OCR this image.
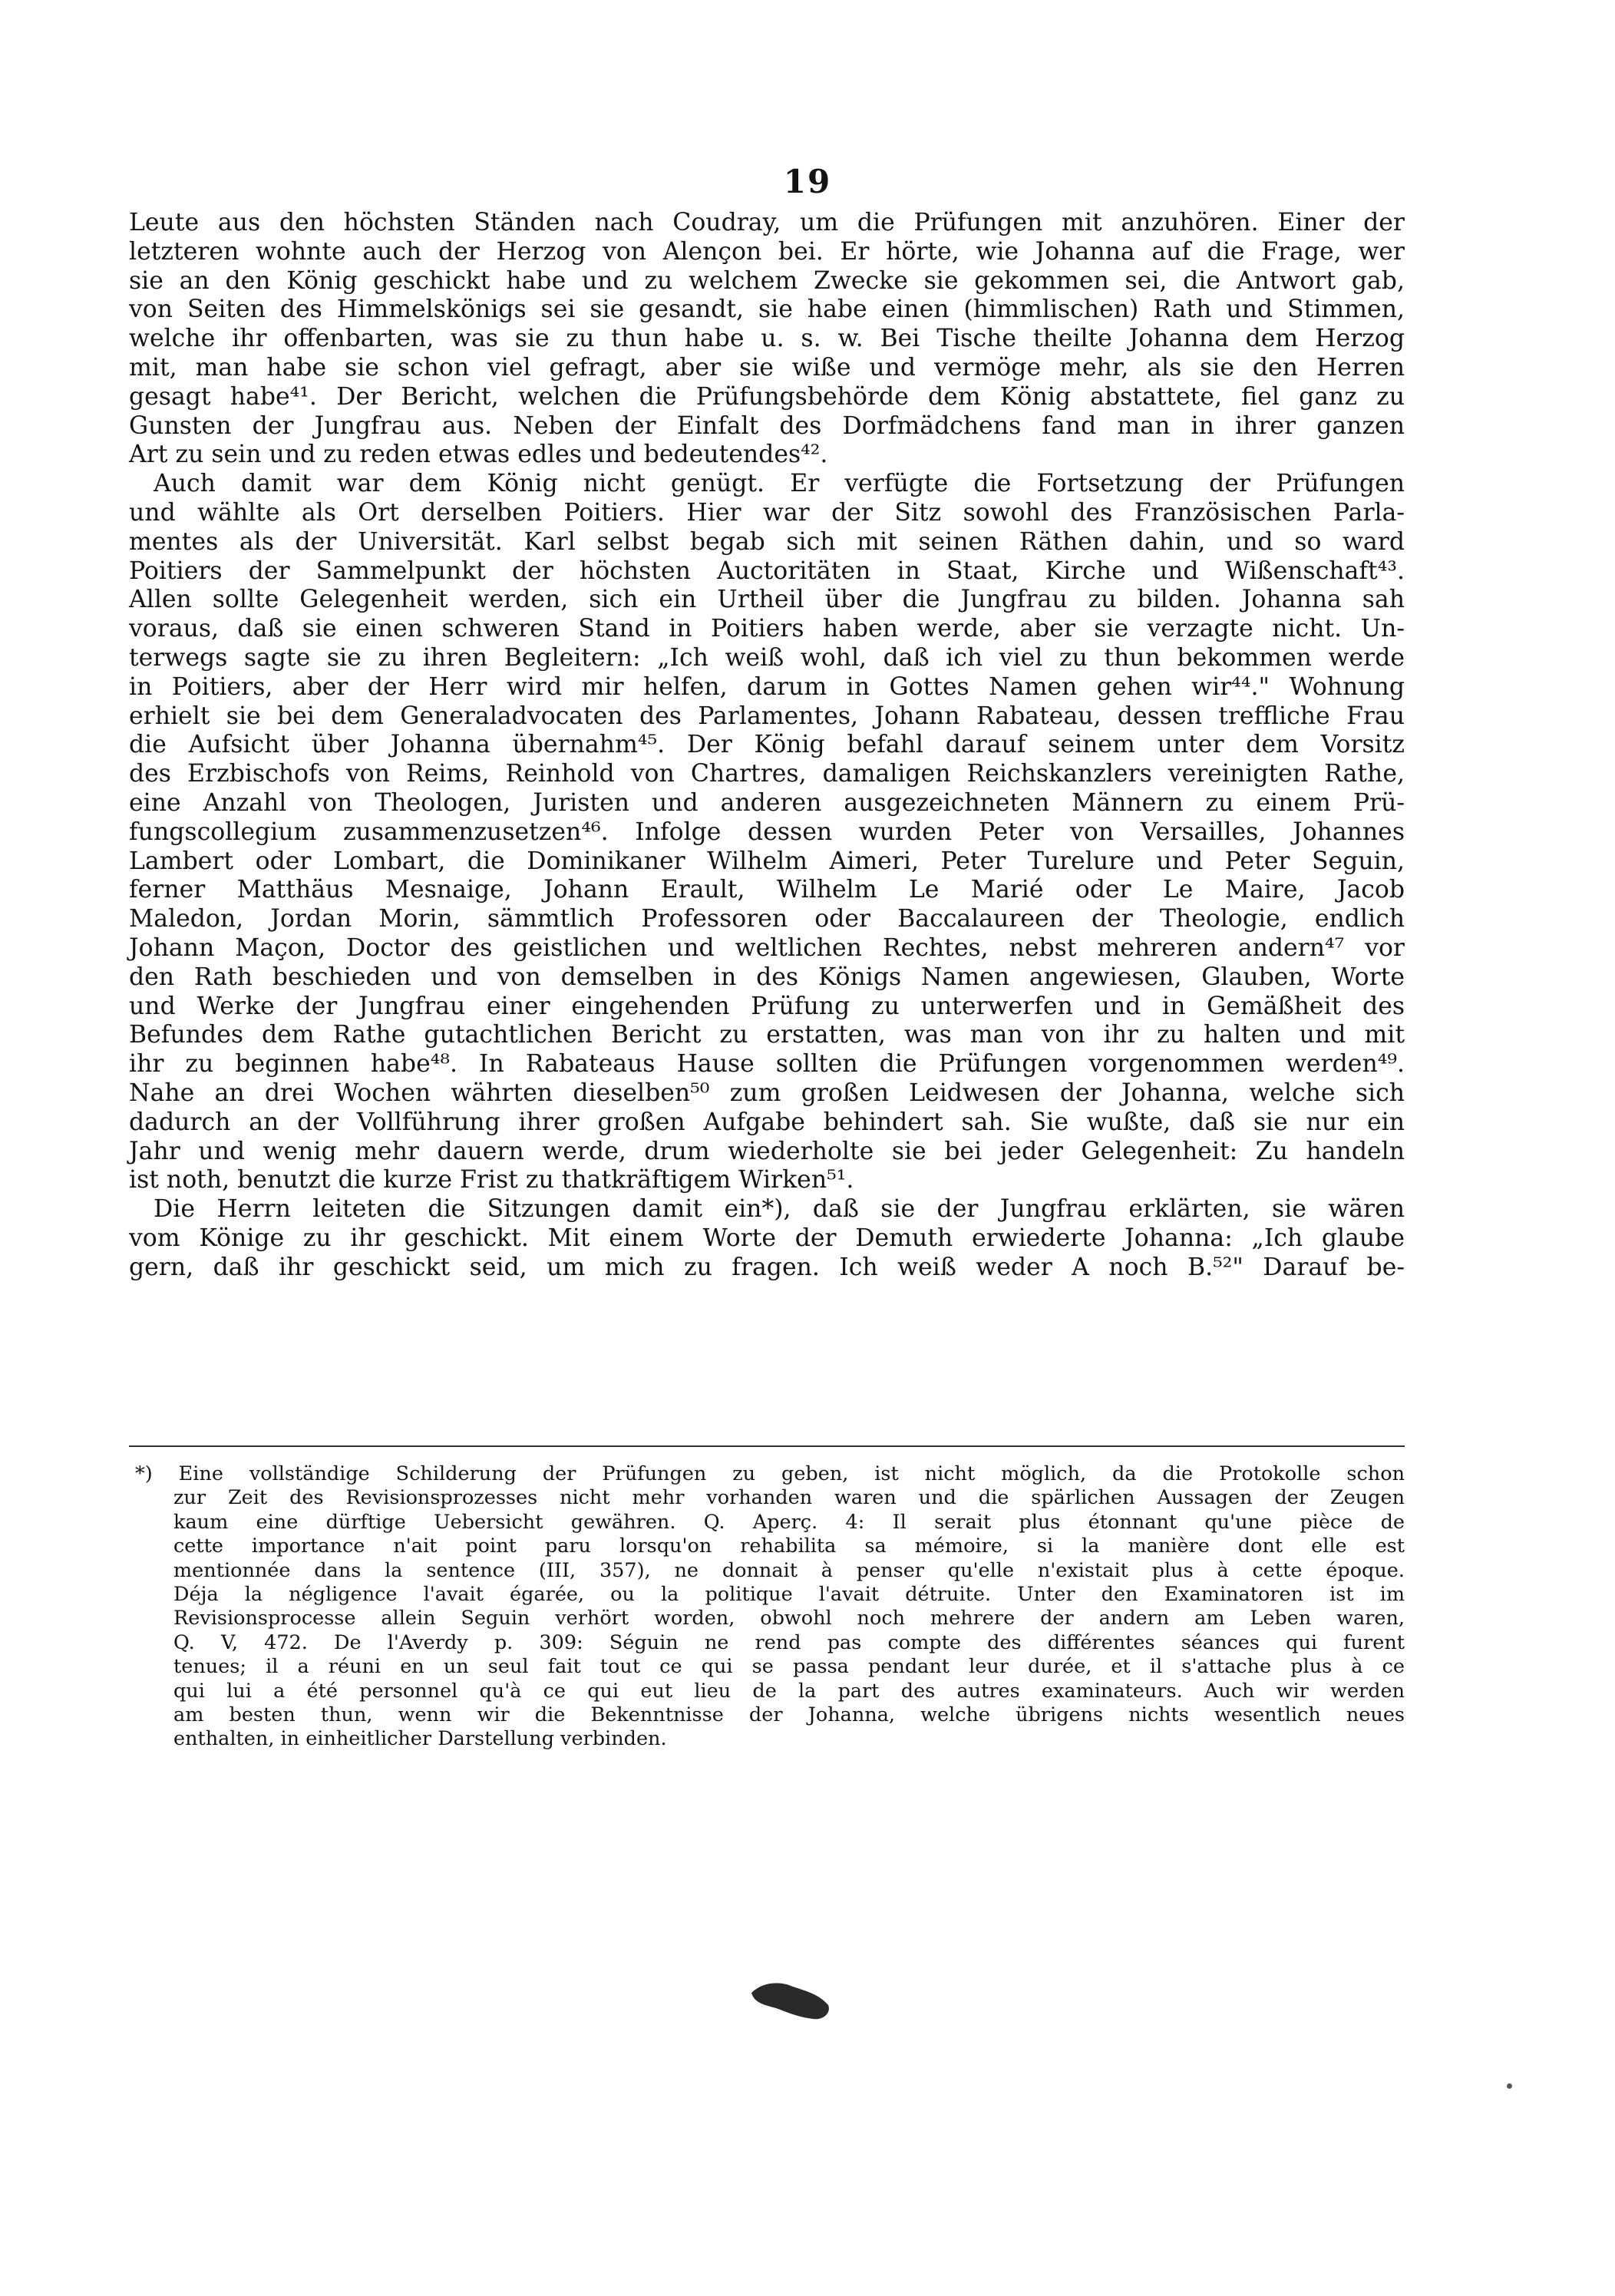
19
Leute aus den höchsten Ständen nach Coudray, um die Prüfungen mit anzuhören. Einer der
letzteren wohnte auch der Herzog von Alençon bei. Er hörte, wie Johanna auf die Frage, wer
sie an den König geschickt habe und zu welchem Zwecke sie gekommen sei, die Antwort gab,
von Seiten des Himmelskönigs sei sie gesandt, sie habe einen (himmlischen) Rath und Stimmen,
welche ihr offenbarten, was sie zu thun habe u. s. w. Bei Tische theilte Johanna dem Herzog
mit, man habe sie schon viel gefragt, aber sie wiße und vermöge mehr, als sie den Herren
gesagt habe⁴¹. Der Bericht, welchen die Prüfungsbehörde dem König abstattete, fiel ganz zu
Gunsten der Jungfrau aus. Neben der Einfalt des Dorfmädchens fand man in ihrer ganzen
Art zu sein und zu reden etwas edles und bedeutendes⁴².
Auch damit war dem König nicht genügt. Er verfügte die Fortsetzung der Prüfungen
und wählte als Ort derselben Poitiers. Hier war der Sitz sowohl des Französischen Parla-
mentes als der Universität. Karl selbst begab sich mit seinen Räthen dahin, und so ward
Poitiers der Sammelpunkt der höchsten Auctoritäten in Staat, Kirche und Wißenschaft⁴³.
Allen sollte Gelegenheit werden, sich ein Urtheil über die Jungfrau zu bilden. Johanna sah
voraus, daß sie einen schweren Stand in Poitiers haben werde, aber sie verzagte nicht. Un-
terwegs sagte sie zu ihren Begleitern: „Ich weiß wohl, daß ich viel zu thun bekommen werde
in Poitiers, aber der Herr wird mir helfen, darum in Gottes Namen gehen wir⁴⁴." Wohnung
erhielt sie bei dem Generaladvocaten des Parlamentes, Johann Rabateau, dessen treffliche Frau
die Aufsicht über Johanna übernahm⁴⁵. Der König befahl darauf seinem unter dem Vorsitz
des Erzbischofs von Reims, Reinhold von Chartres, damaligen Reichskanzlers vereinigten Rathe,
eine Anzahl von Theologen, Juristen und anderen ausgezeichneten Männern zu einem Prü-
fungscollegium zusammenzusetzen⁴⁶. Infolge dessen wurden Peter von Versailles, Johannes
Lambert oder Lombart, die Dominikaner Wilhelm Aimeri, Peter Turelure und Peter Seguin,
ferner Matthäus Mesnaige, Johann Erault, Wilhelm Le Marié oder Le Maire, Jacob
Maledon, Jordan Morin, sämmtlich Professoren oder Baccalaureen der Theologie, endlich
Johann Maçon, Doctor des geistlichen und weltlichen Rechtes, nebst mehreren andern⁴⁷ vor
den Rath beschieden und von demselben in des Königs Namen angewiesen, Glauben, Worte
und Werke der Jungfrau einer eingehenden Prüfung zu unterwerfen und in Gemäßheit des
Befundes dem Rathe gutachtlichen Bericht zu erstatten, was man von ihr zu halten und mit
ihr zu beginnen habe⁴⁸. In Rabateaus Hause sollten die Prüfungen vorgenommen werden⁴⁹.
Nahe an drei Wochen währten dieselben⁵⁰ zum großen Leidwesen der Johanna, welche sich
dadurch an der Vollführung ihrer großen Aufgabe behindert sah. Sie wußte, daß sie nur ein
Jahr und wenig mehr dauern werde, drum wiederholte sie bei jeder Gelegenheit: Zu handeln
ist noth, benutzt die kurze Frist zu thatkräftigem Wirken⁵¹.
Die Herrn leiteten die Sitzungen damit ein*), daß sie der Jungfrau erklärten, sie wären
vom Könige zu ihr geschickt. Mit einem Worte der Demuth erwiederte Johanna: „Ich glaube
gern, daß ihr geschickt seid, um mich zu fragen. Ich weiß weder A noch B.⁵²" Darauf be-
*) Eine vollständige Schilderung der Prüfungen zu geben, ist nicht möglich, da die Protokolle schon
zur Zeit des Revisionsprozesses nicht mehr vorhanden waren und die spärlichen Aussagen der Zeugen
kaum eine dürftige Uebersicht gewähren. Q. Aperç. 4: Il serait plus étonnant qu'une pièce de
cette importance n'ait point paru lorsqu'on rehabilita sa mémoire, si la manière dont elle est
mentionnée dans la sentence (III, 357), ne donnait à penser qu'elle n'existait plus à cette époque.
Déja la négligence l'avait égarée, ou la politique l'avait détruite. Unter den Examinatoren ist im
Revisionsprocesse allein Seguin verhört worden, obwohl noch mehrere der andern am Leben waren,
Q. V, 472. De l'Averdy p. 309: Séguin ne rend pas compte des différentes séances qui furent
tenues; il a réuni en un seul fait tout ce qui se passa pendant leur durée, et il s'attache plus à ce
qui lui a été personnel qu'à ce qui eut lieu de la part des autres examinateurs. Auch wir werden
am besten thun, wenn wir die Bekenntnisse der Johanna, welche übrigens nichts wesentlich neues
enthalten, in einheitlicher Darstellung verbinden.
